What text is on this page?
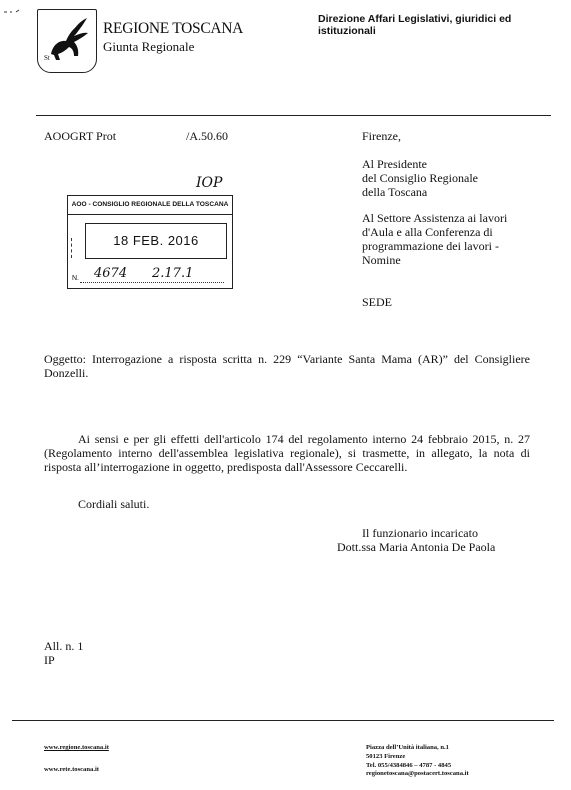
St
REGIONE TOSCANA
Giunta Regionale
Direzione Affari Legislativi, giuridici ed istituzionali
AOOGRT Prot	/A.50.60	Firenze,
Al Presidente
del Consiglio Regionale
della Toscana
Al Settore Assistenza ai lavori
d'Aula e alla Conferenza di
programmazione dei lavori -
Nomine
SEDE
IOP
AOO - CONSIGLIO REGIONALE DELLA TOSCANA
18 FEB. 2016
N. 4674 2.17.1
Oggetto: Interrogazione a risposta scritta n. 229 “Variante Santa Mama (AR)” del Consigliere
Donzelli.
Ai sensi e per gli effetti dell'articolo 174 del regolamento interno 24 febbraio 2015, n. 27
(Regolamento interno dell'assemblea legislativa regionale), si trasmette, in allegato, la nota di
risposta all’interrogazione in oggetto, predisposta dall'Assessore Ceccarelli.
Cordiali saluti.
Il funzionario incaricato
Dott.ssa Maria Antonia De Paola
All. n. 1
IP
www.regione.toscana.it
www.rete.toscana.it
Piazza dell’Unità italiana, n.1
50123 Firenze
Tel. 055/4384846 – 4787 - 4845
regionetoscana@postacert.toscana.it
